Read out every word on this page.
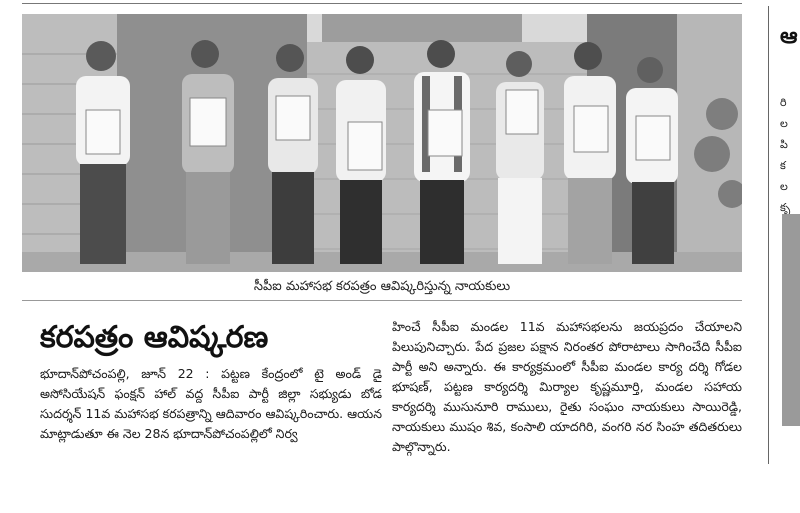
సీపీఐ మహాసభ కరపత్రం ఆవిష్కరిస్తున్న నాయకులు
కరపత్రం ఆవిష్కరణ

భూదాన్‌పోచంపల్లి, జూన్ 22 : పట్టణ కేంద్రంలో టై అండ్ డై అసోసియేషన్ ఫంక్షన్ హాల్ వద్ద సీపీఐ పార్టీ జిల్లా సభ్యుడు బోడ సుదర్శన్ 11వ మహాసభ కరపత్రాన్ని ఆదివారం ఆవిష్కరించారు. ఆయన మాట్లాడుతూ ఈ నెల 28న భూదాన్‌పోచంపల్లిలో నిర్వ

హించే సీపీఐ మండల 11వ మహాసభలను జయప్రదం చేయాలని పిలుపునిచ్చారు. పేద ప్రజల పక్షాన నిరంతర పోరాటాలు సాగించేది సీపీఐ పార్టీ అని అన్నారు. ఈ కార్యక్రమంలో సీపీఐ మండల కార్య దర్శి గోడల భూషణ్, పట్టణ కార్యదర్శి మిర్యాల కృష్ణమూర్తి, మండల సహాయ కార్యదర్శి ముసునూరి రాములు, రైతు సంఘం నాయకులు సాయిరెడ్డి, నాయకులు ముషం శివ, కంసాలి యాదగిరి, వంగరి నర సింహ తదితరులు పాల్గొన్నారు.

ఆ
రి
ల
పి
క
ల
కృ
